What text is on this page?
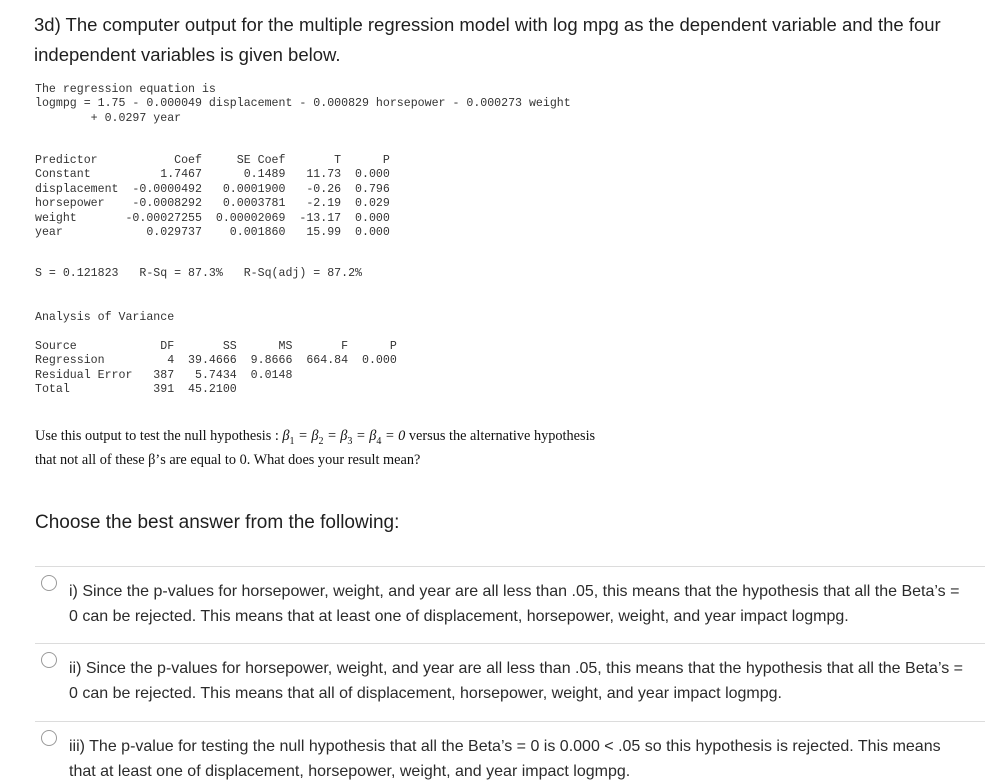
3d) The computer output for the multiple regression model with log mpg as the dependent variable and the four independent variables is given below.
The regression equation is
logmpg = 1.75 - 0.000049 displacement - 0.000829 horsepower - 0.000273 weight
+ 0.0297 year
Predictor           Coef     SE Coef       T      P
Constant          1.7467      0.1489   11.73  0.000
displacement  -0.0000492   0.0001900   -0.26  0.796
horsepower    -0.0008292   0.0003781   -2.19  0.029
weight       -0.00027255  0.00002069  -13.17  0.000
year            0.029737    0.001860   15.99  0.000
S = 0.121823   R-Sq = 87.3%   R-Sq(adj) = 87.2%
Analysis of Variance

Source            DF       SS      MS       F      P
Regression         4  39.4666  9.8666  664.84  0.000
Residual Error   387   5.7434  0.0148
Total            391  45.2100
Use this output to test the null hypothesis : $\beta_1 = \beta_2 = \beta_3 = \beta_4 = 0$ versus the alternative hypothesis
that not all of these β’s are equal to 0. What does your result mean?
Choose the best answer from the following:
i) Since the p-values for horsepower, weight, and year are all less than .05, this means that the hypothesis that all the Beta’s = 0 can be rejected. This means that at least one of displacement, horsepower, weight, and year impact logmpg.
ii) Since the p-values for horsepower, weight, and year are all less than .05, this means that the hypothesis that all the Beta’s = 0 can be rejected. This means that all of displacement, horsepower, weight, and year impact logmpg.
iii) The p-value for testing the null hypothesis that all the Beta’s = 0 is 0.000 < .05 so this hypothesis is rejected. This means that at least one of displacement, horsepower, weight, and year impact logmpg.
